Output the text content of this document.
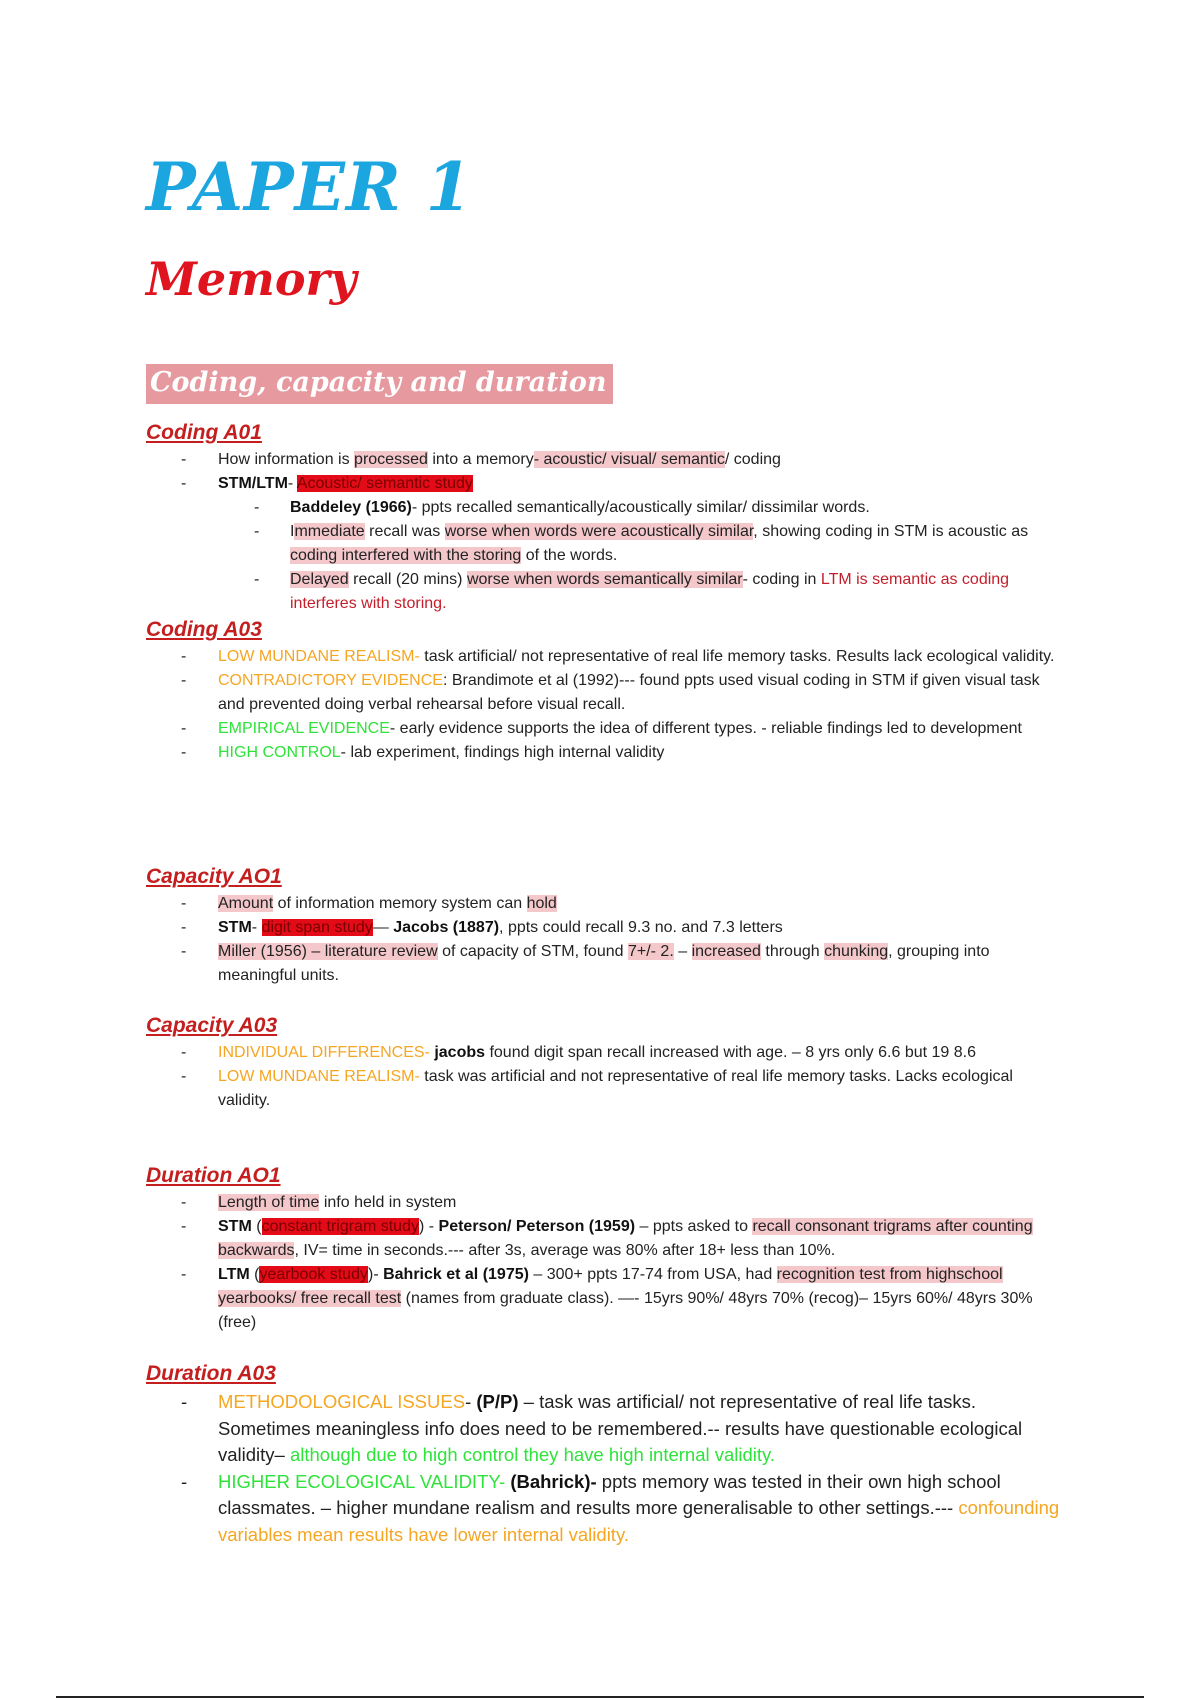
PAPER 1
Memory
Coding, capacity and duration
Coding A01
- How information is processed into a memory- acoustic/ visual/ semantic/ coding
- STM/LTM- Acoustic/ semantic study
- Baddeley (1966)- ppts recalled semantically/acoustically similar/ dissimilar words.
- Immediate recall was worse when words were acoustically similar, showing coding in STM is acoustic as coding interfered with the storing of the words.
- Delayed recall (20 mins) worse when words semantically similar- coding in LTM is semantic as coding interferes with storing.
Coding A03
- LOW MUNDANE REALISM- task artificial/ not representative of real life memory tasks. Results lack ecological validity.
- CONTRADICTORY EVIDENCE: Brandimote et al (1992)--- found ppts used visual coding in STM if given visual task and prevented doing verbal rehearsal before visual recall.
- EMPIRICAL EVIDENCE- early evidence supports the idea of different types. - reliable findings led to development
- HIGH CONTROL- lab experiment, findings high internal validity
Capacity AO1
- Amount of information memory system can hold
- STM- digit span study— Jacobs (1887), ppts could recall 9.3 no. and 7.3 letters
- Miller (1956) – literature review of capacity of STM, found 7+/- 2. – increased through chunking, grouping into meaningful units.
Capacity A03
- INDIVIDUAL DIFFERENCES- jacobs found digit span recall increased with age. – 8 yrs only 6.6 but 19 8.6
- LOW MUNDANE REALISM- task was artificial and not representative of real life memory tasks. Lacks ecological validity.
Duration AO1
- Length of time info held in system
- STM (constant trigram study) - Peterson/ Peterson (1959) – ppts asked to recall consonant trigrams after counting backwards, IV= time in seconds.--- after 3s, average was 80% after 18+ less than 10%.
- LTM (yearbook study)- Bahrick et al (1975) – 300+ ppts 17-74 from USA, had recognition test from highschool yearbooks/ free recall test (names from graduate class). —- 15yrs 90%/ 48yrs 70% (recog)– 15yrs 60%/ 48yrs 30% (free)
Duration A03
- METHODOLOGICAL ISSUES- (P/P) – task was artificial/ not representative of real life tasks. Sometimes meaningless info does need to be remembered.-- results have questionable ecological validity– although due to high control they have high internal validity.
- HIGHER ECOLOGICAL VALIDITY- (Bahrick)- ppts memory was tested in their own high school classmates. – higher mundane realism and results more generalisable to other settings.--- confounding variables mean results have lower internal validity.
